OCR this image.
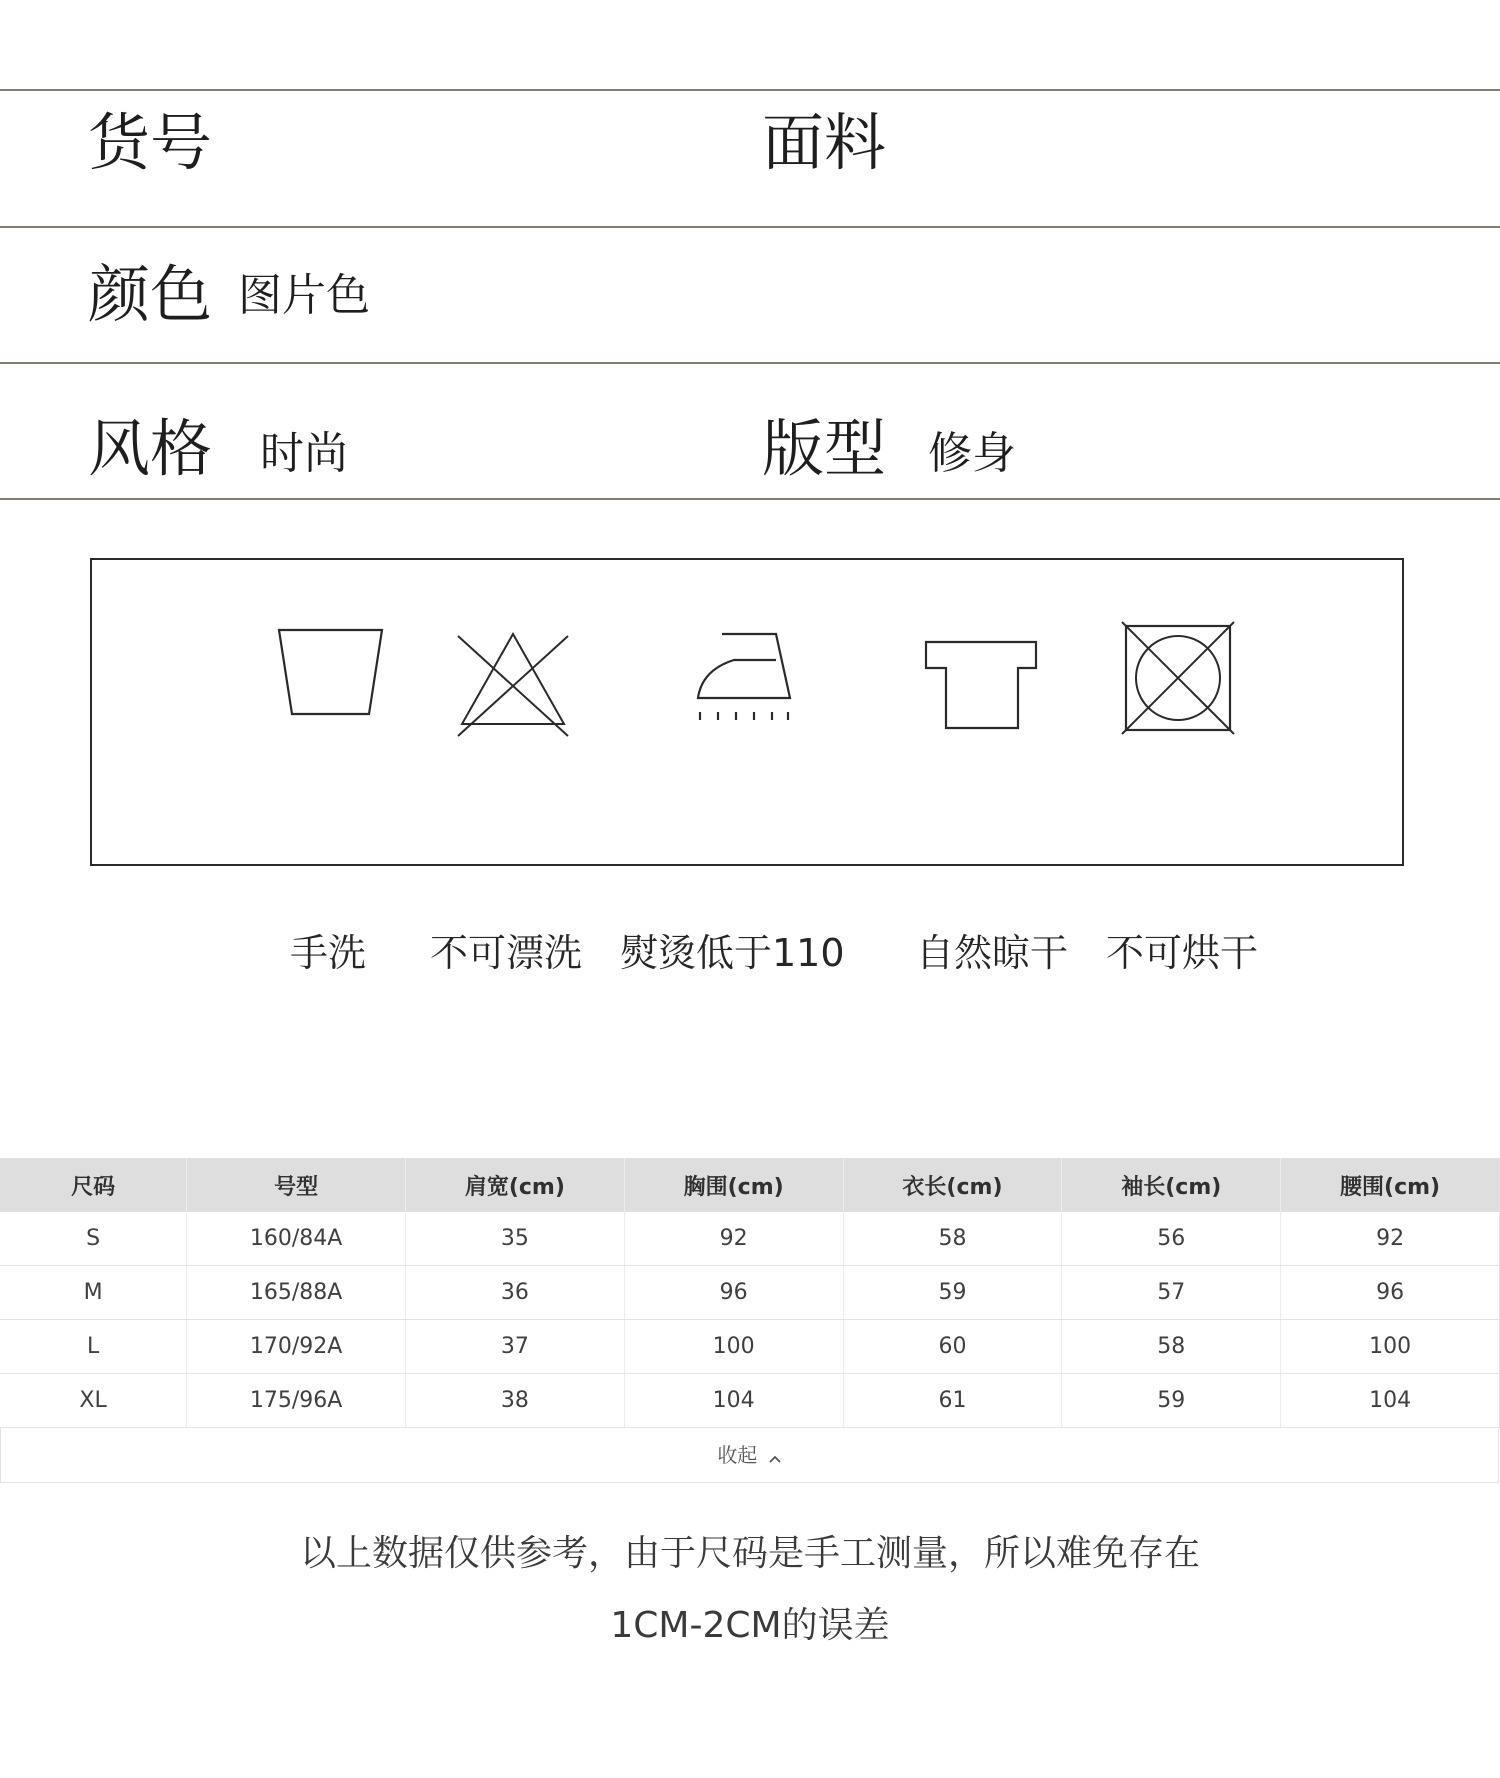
货号	面料
颜色 图片色
风格 时尚	版型 修身
手洗 不可漂洗 熨烫低于110 自然晾干 不可烘干
尺码	号型	肩宽(cm)	胸围(cm)	衣长(cm)	袖长(cm)	腰围(cm)
S	160/84A	35	92	58	56	92
M	165/88A	36	96	59	57	96
L	170/92A	37	100	60	58	100
XL	175/96A	38	104	61	59	104
收起
以上数据仅供参考，由于尺码是手工测量，所以难免存在
1CM-2CM的误差
